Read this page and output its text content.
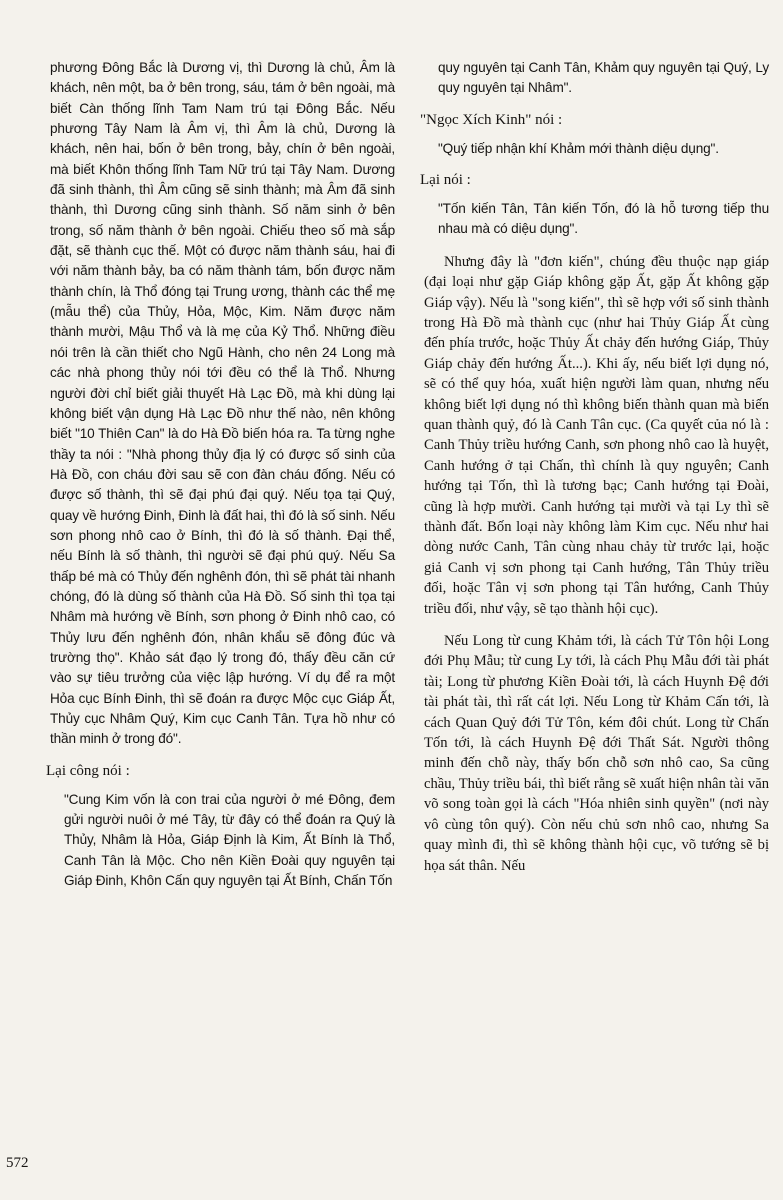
phương Đông Bắc là Dương vị, thì Dương là chủ, Âm là khách, nên một, ba ở bên trong, sáu, tám ở bên ngoài, mà biết Càn thống lĩnh Tam Nam trú tại Đông Bắc. Nếu phương Tây Nam là Âm vị, thì Âm là chủ, Dương là khách, nên hai, bốn ở bên trong, bảy, chín ở bên ngoài, mà biết Khôn thống lĩnh Tam Nữ trú tại Tây Nam. Dương đã sinh thành, thì Âm cũng sẽ sinh thành; mà Âm đã sinh thành, thì Dương cũng sinh thành. Số năm sinh ở bên trong, số năm thành ở bên ngoài. Chiếu theo số mà sắp đặt, sẽ thành cục thế. Một có được năm thành sáu, hai đi với năm thành bảy, ba có năm thành tám, bốn được năm thành chín, là Thổ đóng tại Trung ương, thành các thể mẹ (mẫu thể) của Thủy, Hỏa, Mộc, Kim. Năm được năm thành mười, Mậu Thổ và là mẹ của Kỷ Thổ. Những điều nói trên là cần thiết cho Ngũ Hành, cho nên 24 Long mà các nhà phong thủy nói tới đều có thể là Thổ. Nhưng người đời chỉ biết giải thuyết Hà Lạc Đồ, mà khi dùng lại không biết vận dụng Hà Lạc Đồ như thế nào, nên không biết "10 Thiên Can" là do Hà Đồ biến hóa ra. Ta từng nghe thầy ta nói : "Nhà phong thủy địa lý có được số sinh của Hà Đồ, con cháu đời sau sẽ con đàn cháu đống. Nếu có được số thành, thì sẽ đại phú đại quý. Nếu tọa tại Quý, quay về hướng Đinh, Đinh là đất hai, thì đó là số sinh. Nếu sơn phong nhô cao ở Bính, thì đó là số thành. Đại thể, nếu Bính là số thành, thì người sẽ đại phú quý. Nếu Sa thấp bé mà có Thủy đến nghênh đón, thì sẽ phát tài nhanh chóng, đó là dùng số thành của Hà Đồ. Số sinh thì tọa tại Nhâm mà hướng về Bính, sơn phong ở Đinh nhô cao, có Thủy lưu đến nghênh đón, nhân khẩu sẽ đông đúc và trường thọ". Khảo sát đạo lý trong đó, thấy đều căn cứ vào sự tiêu trưởng của việc lập hướng. Ví dụ để ra một Hỏa cục Bính Đinh, thì sẽ đoán ra được Mộc cục Giáp Ất, Thủy cục Nhâm Quý, Kim cục Canh Tân. Tựa hồ như có thần minh ở trong đó".

Lại công nói :

"Cung Kim vốn là con trai của người ở mé Đông, đem gửi người nuôi ở mé Tây, từ đây có thể đoán ra Quý là Thủy, Nhâm là Hỏa, Giáp Định là Kim, Ất Bính là Thổ, Canh Tân là Mộc. Cho nên Kiền Đoài quy nguyên tại Giáp Đinh, Khôn Cấn quy nguyên tại Ất Bính, Chấn Tốn

quy nguyên tại Canh Tân, Khảm quy nguyên tại Quý, Ly quy nguyên tại Nhâm".

"Ngọc Xích Kinh" nói :

"Quý tiếp nhận khí Khảm mới thành diệu dụng".

Lại nói :

"Tốn kiến Tân, Tân kiến Tốn, đó là hỗ tương tiếp thu nhau mà có diệu dụng".

Nhưng đây là "đơn kiến", chúng đều thuộc nạp giáp (đại loại như gặp Giáp không gặp Ất, gặp Ất không gặp Giáp vậy). Nếu là "song kiến", thì sẽ hợp với số sinh thành trong Hà Đồ mà thành cục (như hai Thủy Giáp Ất cùng đến phía trước, hoặc Thủy Ất chảy đến hướng Giáp, Thủy Giáp chảy đến hướng Ất...). Khi ấy, nếu biết lợi dụng nó, sẽ có thể quy hóa, xuất hiện người làm quan, nhưng nếu không biết lợi dụng nó thì không biến thành quan mà biến quan thành quỷ, đó là Canh Tân cục. (Ca quyết của nó là : Canh Thủy triều hướng Canh, sơn phong nhô cao là huyệt, Canh hướng ở tại Chấn, thì chính là quy nguyên; Canh hướng tại Tốn, thì là tương bạc; Canh hướng tại Đoài, cũng là hợp mười. Canh hướng tại mười và tại Ly thì sẽ thành đất. Bốn loại này không làm Kim cục. Nếu như hai dòng nước Canh, Tân cùng nhau chảy từ trước lại, hoặc giả Canh vị sơn phong tại Canh hướng, Tân Thủy triều đối, hoặc Tân vị sơn phong tại Tân hướng, Canh Thủy triều đối, như vậy, sẽ tạo thành hội cục).

Nếu Long từ cung Khảm tới, là cách Tử Tôn hội Long đới Phụ Mẫu; từ cung Ly tới, là cách Phụ Mẫu đới tài phát tài; Long từ phương Kiền Đoài tới, là cách Huynh Đệ đới tài phát tài, thì rất cát lợi. Nếu Long từ Khảm Cấn tới, là cách Quan Quỷ đới Tử Tôn, kém đôi chút. Long từ Chấn Tốn tới, là cách Huynh Đệ đới Thất Sát. Người thông minh đến chỗ này, thấy bốn chỗ sơn nhô cao, Sa cũng chầu, Thủy triều bái, thì biết rằng sẽ xuất hiện nhân tài văn võ song toàn gọi là cách "Hóa nhiên sinh quyền" (nơi này vô cùng tôn quý). Còn nếu chủ sơn nhô cao, nhưng Sa quay mình đi, thì sẽ không thành hội cục, võ tướng sẽ bị họa sát thân. Nếu

572
